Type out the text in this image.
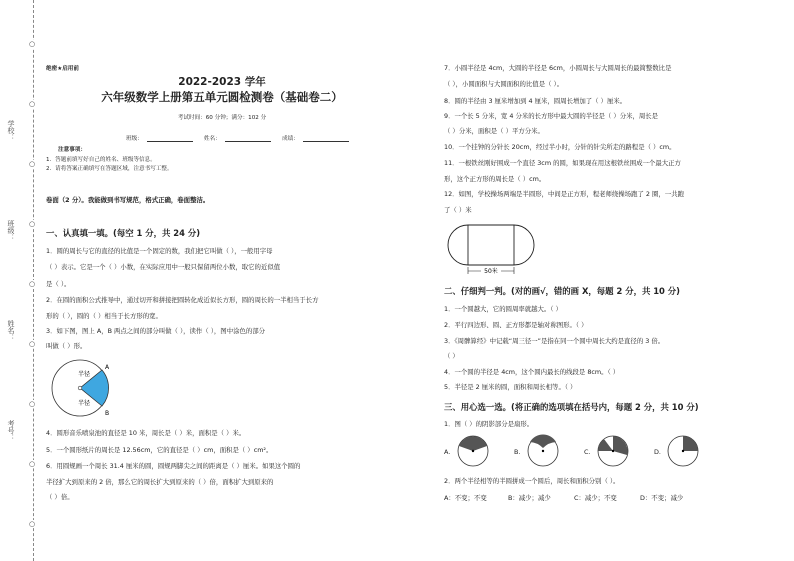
○
○
○
○
○
○
○
○
○
学校：
班级：
姓名：
考号：
绝密★启用前
2022-2023 学年
六年级数学上册第五单元圆检测卷（基础卷二）
考试时间：60 分钟；满分：102 分
班级：	姓名：	成绩：
注意事项：
1．答题前填写好自己的姓名、班级等信息。
2．请将答案正确填写在答题区域，注意书写工整。
卷面（2 分）。我能做到书写规范，格式正确，卷面整洁。
一、认真填一填。(每空 1 分，共 24 分)
1．圆的周长与它的直径的比值是一个固定的数，我们把它叫做（ ），一般用字母
（ ）表示。它是一个（ ）小数，在实际应用中一般只保留两位小数，取它的近似值
是（ ）。
2．在圆的面积公式推导中，通过切开和拼接把圆转化成近似长方形，圆的周长的一半相当于长方
形的（ ），圆的（ ）相当于长方形的宽。
3．如下图，图上 A，B 两点之间的部分叫做（ ），读作（ ），图中涂色的部分
叫做（ ）形。
A
B
半径
半径
4．圆形音乐喷泉池的直径是 10 米，周长是（ ）米，面积是（ ）米。
5．一个圆形纸片的周长是 12.56cm，它的直径是（ ）cm，面积是（ ）cm²。
6．用圆规画一个周长 31.4 厘米的圆，圆规两脚尖之间的距离是（ ）厘米。如果这个圆的
半径扩大到原来的 2 倍，那么它的周长扩大到原来的（ ）倍，面积扩大到原来的
（ ）倍。
7．小圆半径是 4cm，大圆的半径是 6cm，小圆周长与大圆周长的最简整数比是
（ ），小圆面积与大圆面积的比值是（ ）。
8．圆的半径由 3 厘米增加到 4 厘米，圆周长增加了（ ）厘米。
9．一个长 5 分米，宽 4 分米的长方形中最大圆的半径是（ ）分米，周长是
（ ）分米，面积是（ ）平方分米。
10．一个挂钟的分针长 20cm，经过半小时，分针的针尖所走的路程是（ ）cm。
11．一根铁丝刚好围成一个直径 3cm 的圆，如果现在用这根铁丝围成一个最大正方
形，这个正方形的周长是（ ）cm。
12．如图，学校操场两端是半圆形，中间是正方形，程老师绕操场跑了 2 圈，一共跑
了（ ）米
50米
二、仔细判一判。(对的画√，错的画 X，每题 2 分，共 10 分)
1．一个圆越大，它的圆周率就越大。（ ）
2．平行四边形、圆、正方形都是轴对称图形。（ ）
3．《周髀算经》中记载“周三径一”是指在同一个圆中周长大约是直径的 3 倍。
（ ）
4．一个圆的半径是 4cm，这个圆内最长的线段是 8cm。（ ）
5．半径是 2 厘米的圆，面积和周长相等。（ ）
三、用心选一选。(将正确的选项填在括号内，每题 2 分，共 10 分)
1．图（ ）的阴影部分是扇形。
A.	B.	C.	D.
2．两个半径相等的半圆拼成一个圆后，周长和面积分别（ ）。
A：不变；不变	B：减少；减少	C：减少；不变	D：不变；减少
